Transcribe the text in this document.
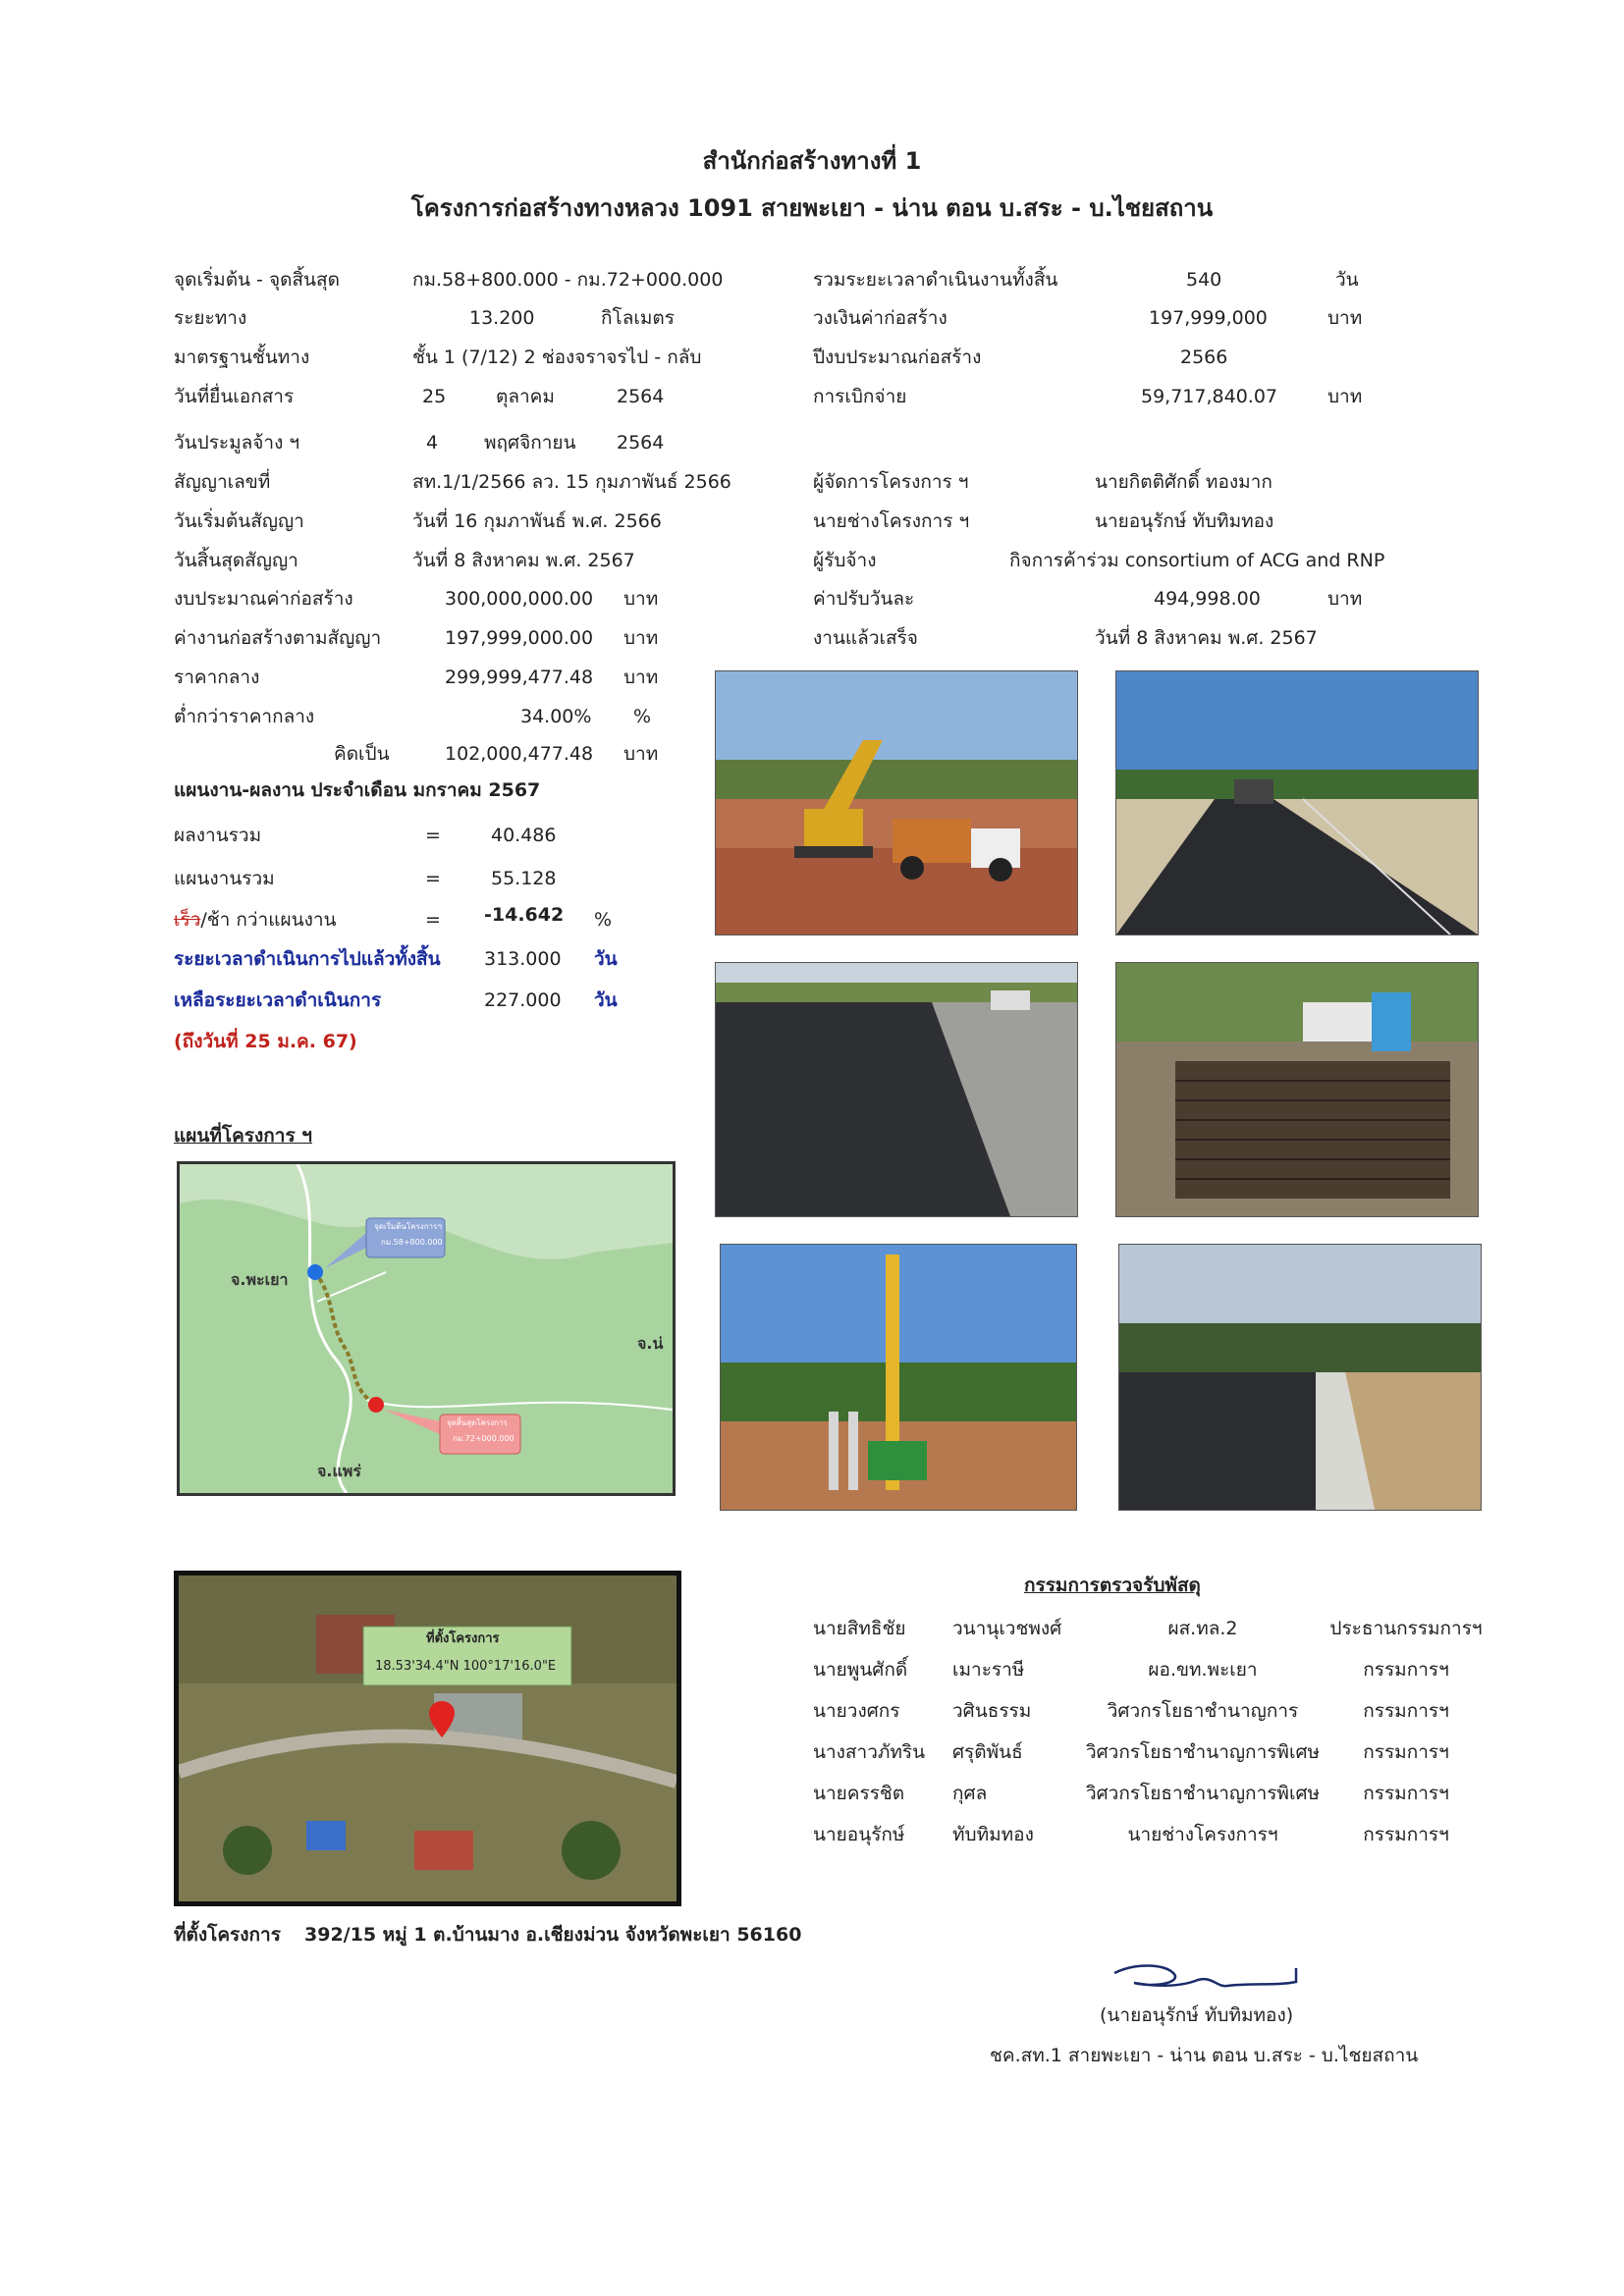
สำนักก่อสร้างทางที่ 1
โครงการก่อสร้างทางหลวง 1091 สายพะเยา - น่าน ตอน บ.สระ - บ.ไชยสถาน
จุดเริ่มต้น - จุดสิ้นสุด	กม.58+800.000 - กม.72+000.000
ระยะทาง	13.200	กิโลเมตร
มาตรฐานชั้นทาง	ชั้น 1 (7/12) 2 ช่องจราจรไป - กลับ
วันที่ยื่นเอกสาร	25	ตุลาคม	2564
วันประมูลจ้าง ฯ	4 พฤศจิกายน 2564
สัญญาเลขที่	สท.1/1/2566 ลว. 15 กุมภาพันธ์ 2566
วันเริ่มต้นสัญญา	วันที่ 16 กุมภาพันธ์ พ.ศ. 2566
วันสิ้นสุดสัญญา	วันที่ 8 สิงหาคม พ.ศ. 2567
งบประมาณค่าก่อสร้าง	300,000,000.00 บาท
ค่างานก่อสร้างตามสัญญา	197,999,000.00 บาท
ราคากลาง	299,999,477.48 บาท
ต่ำกว่าราคากลาง	34.00% %
คิดเป็น	102,000,477.48 บาท
แผนงาน-ผลงาน ประจำเดือน มกราคม 2567
ผลงานรวม	=	40.486
แผนงานรวม	=	55.128
เร็ว/ช้า กว่าแผนงาน	= -14.642 %
ระยะเวลาดำเนินการไปแล้วทั้งสิ้น 313.000 วัน
เหลือระยะเวลาดำเนินการ	227.000 วัน
(ถึงวันที่ 25 ม.ค. 67)
รวมระยะเวลาดำเนินงานทั้งสิ้น	540	วัน
วงเงินค่าก่อสร้าง	197,999,000	บาท
ปีงบประมาณก่อสร้าง	2566
การเบิกจ่าย	59,717,840.07	บาท
ผู้จัดการโครงการ ฯ	นายกิตติศักดิ์ ทองมาก
นายช่างโครงการ ฯ	นายอนุรักษ์ ทับทิมทอง
ผู้รับจ้าง	กิจการค้าร่วม consortium of ACG and RNP
ค่าปรับวันละ	494,998.00	บาท
งานแล้วเสร็จ	วันที่ 8 สิงหาคม พ.ศ. 2567
แผนที่โครงการ ฯ
จุดเริ่มต้นโครงการฯ
กม.58+800.000
จุดสิ้นสุดโครงการ
กม.72+000.000
จ.พะเยา
จ.น่
จ.แพร่
ที่ตั้งโครงการ
18.53'34.4"N 100°17'16.0"E
ที่ตั้งโครงการ 392/15 หมู่ 1 ต.บ้านมาง อ.เชียงม่วน จังหวัดพะเยา 56160
กรรมการตรวจรับพัสดุ
นายสิทธิชัย วนานุเวชพงศ์	ผส.ทล.2	ประธานกรรมการฯ
นายพูนศักดิ์ เมาะราษี	ผอ.ขท.พะเยา	กรรมการฯ
นายวงศกร	วศินธรรม	วิศวกรโยธาชำนาญการ	กรรมการฯ
นางสาวภัทริน ศรุติพันธ์	วิศวกรโยธาชำนาญการพิเศษ	กรรมการฯ
นายครรชิต	กุศล	วิศวกรโยธาชำนาญการพิเศษ	กรรมการฯ
นายอนุรักษ์	ทับทิมทอง	นายช่างโครงการฯ	กรรมการฯ
(นายอนุรักษ์ ทับทิมทอง)
ชค.สท.1 สายพะเยา - น่าน ตอน บ.สระ - บ.ไชยสถาน
